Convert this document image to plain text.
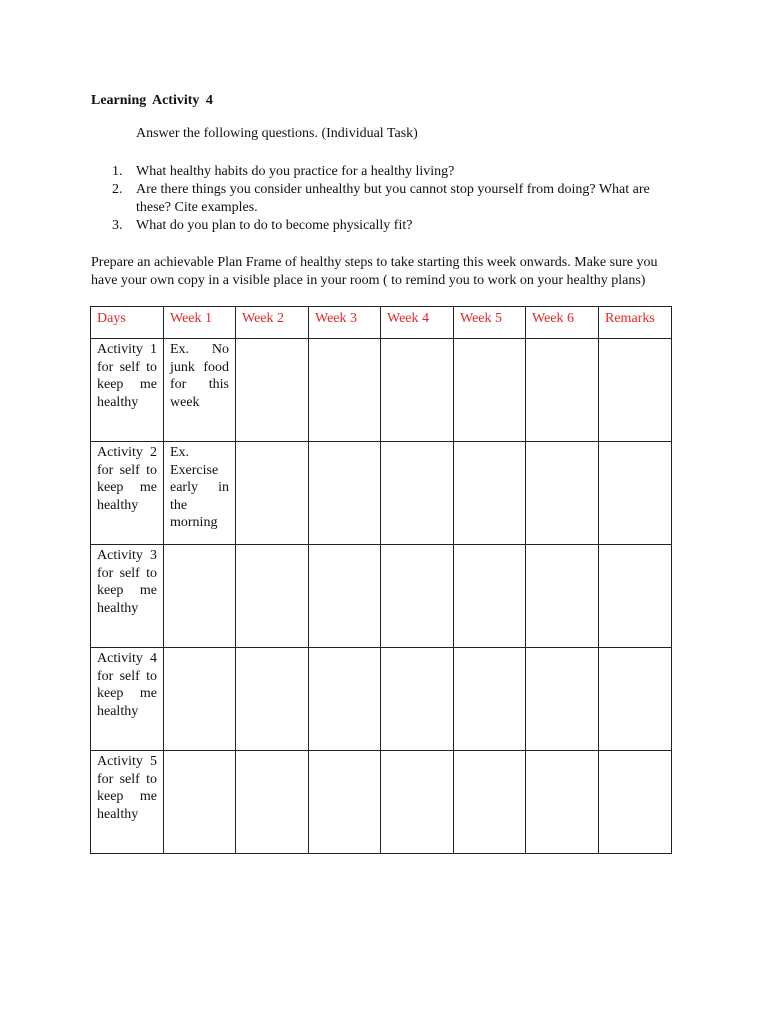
Learning Activity 4
Answer the following questions. (Individual Task)
1. What healthy habits do you practice for a healthy living?
2. Are there things you consider unhealthy but you cannot stop yourself from doing? What are these? Cite examples.
3. What do you plan to do to become physically fit?
Prepare an achievable Plan Frame of healthy steps to take starting this week onwards. Make sure you have your own copy in a visible place in your room ( to remind you to work on your healthy plans)
Days	Week 1	Week 2	Week 3	Week 4	Week 5	Week 6	Remarks

Activity 1 for self to keep me healthy	Ex. No junk food for this week						

Activity 2 for self to keep me healthy	Ex. Exercise early in the morning						

Activity 3 for self to keep me healthy							

Activity 4 for self to keep me healthy							

Activity 5 for self to keep me healthy							
